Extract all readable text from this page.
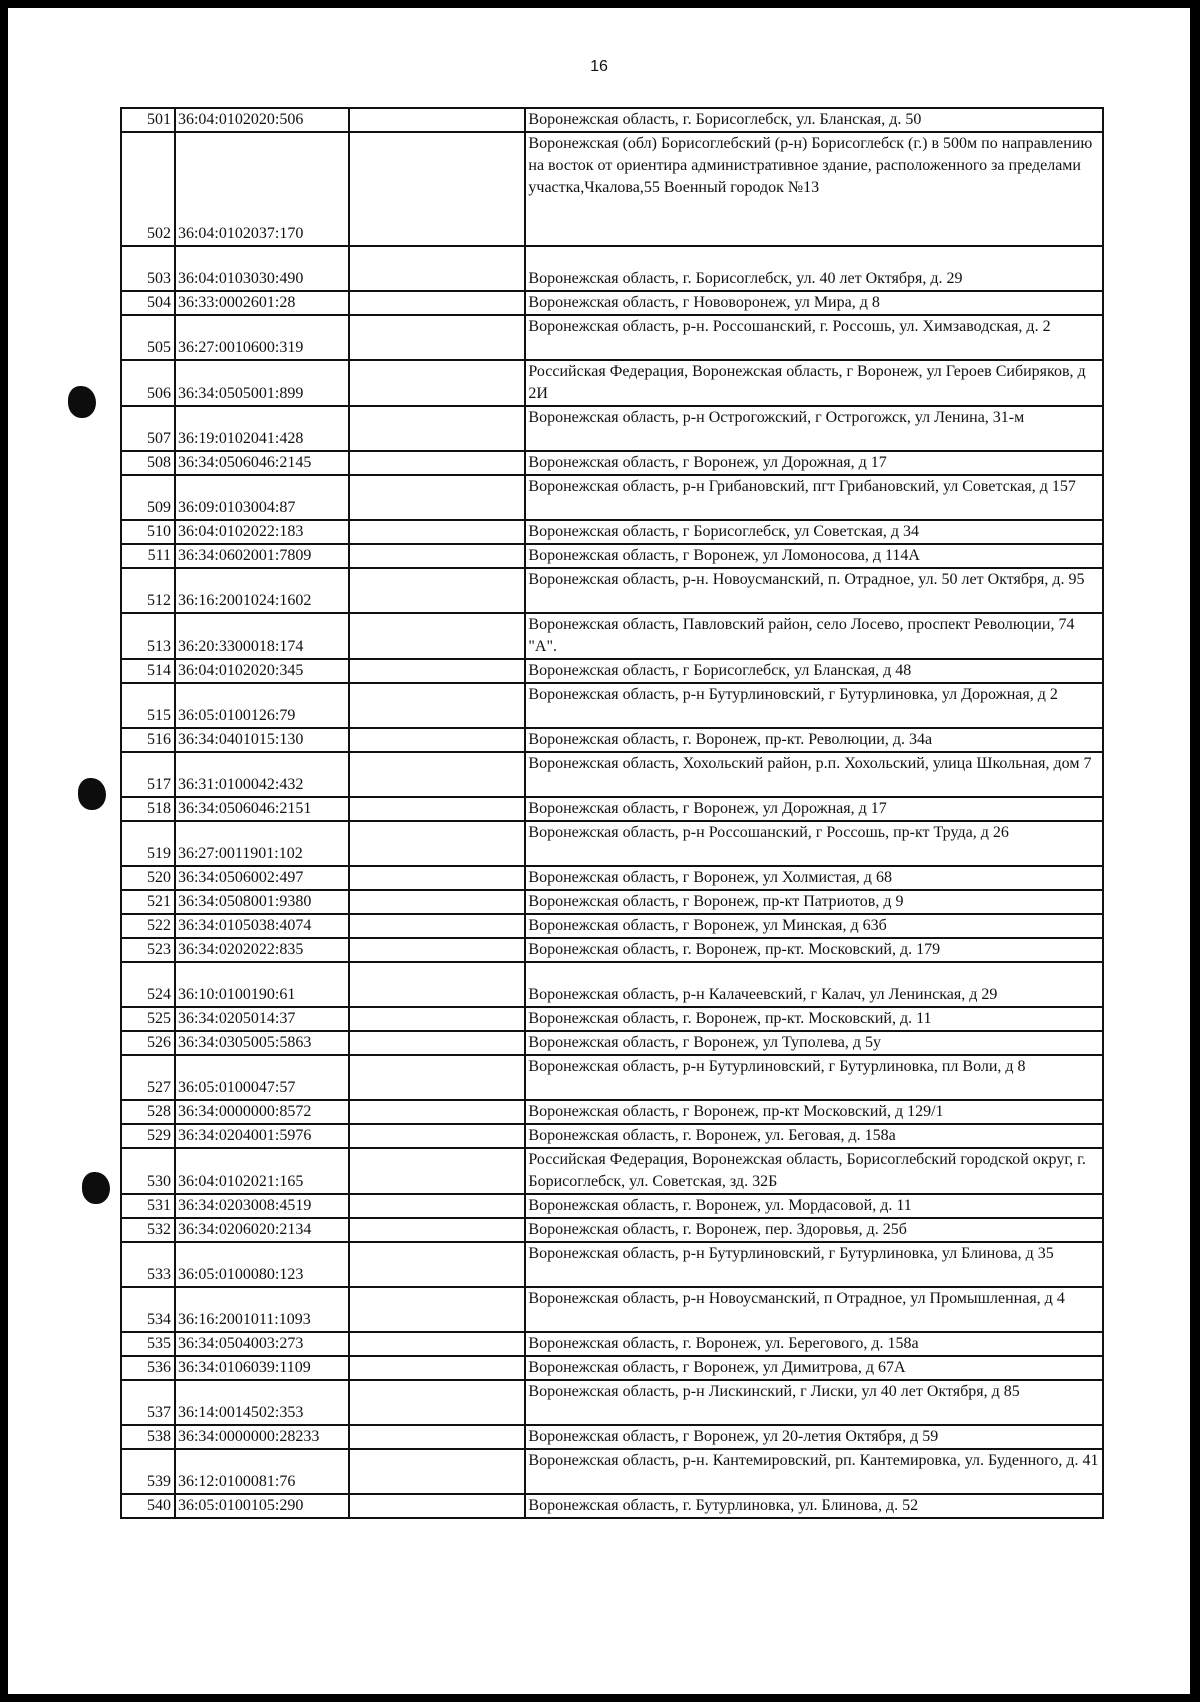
16
501	36:04:0102020:506		Воронежская область, г. Борисоглебск, ул. Бланская, д. 50
502	36:04:0102037:170		Воронежская (обл) Борисоглебский (р-н) Борисоглебск (г.) в 500м по направлению на восток от ориентира административное здание, расположенного за пределами участка,Чкалова,55 Военный городок №13
503	36:04:0103030:490		Воронежская область, г. Борисоглебск, ул. 40 лет Октября, д. 29
504	36:33:0002601:28		Воронежская область, г Нововоронеж, ул Мира, д 8
505	36:27:0010600:319		Воронежская область, р-н. Россошанский, г. Россошь, ул. Химзаводская, д. 2
506	36:34:0505001:899		Российская Федерация, Воронежская область, г Воронеж, ул Героев Сибиряков, д 2И
507	36:19:0102041:428		Воронежская область, р-н Острогожский, г Острогожск, ул Ленина, 31-м
508	36:34:0506046:2145		Воронежская область, г Воронеж, ул Дорожная, д 17
509	36:09:0103004:87		Воронежская область, р-н Грибановский, пгт Грибановский, ул Советская, д 157
510	36:04:0102022:183		Воронежская область, г Борисоглебск, ул Советская, д 34
511	36:34:0602001:7809		Воронежская область, г Воронеж, ул Ломоносова, д 114А
512	36:16:2001024:1602		Воронежская область, р-н. Новоусманский, п. Отрадное, ул. 50 лет Октября, д. 95
513	36:20:3300018:174		Воронежская область, Павловский район, село Лосево, проспект Революции, 74 "А".
514	36:04:0102020:345		Воронежская область, г Борисоглебск, ул Бланская, д 48
515	36:05:0100126:79		Воронежская область, р-н Бутурлиновский, г Бутурлиновка, ул Дорожная, д 2
516	36:34:0401015:130		Воронежская область, г. Воронеж, пр-кт. Революции, д. 34а
517	36:31:0100042:432		Воронежская область, Хохольский район, р.п. Хохольский, улица Школьная, дом 7
518	36:34:0506046:2151		Воронежская область, г Воронеж, ул Дорожная, д 17
519	36:27:0011901:102		Воронежская область, р-н Россошанский, г Россошь, пр-кт Труда, д 26
520	36:34:0506002:497		Воронежская область, г Воронеж, ул Холмистая, д 68
521	36:34:0508001:9380		Воронежская область, г Воронеж, пр-кт Патриотов, д 9
522	36:34:0105038:4074		Воронежская область, г Воронеж, ул Минская, д 63б
523	36:34:0202022:835		Воронежская область, г. Воронеж, пр-кт. Московский, д. 179
524	36:10:0100190:61		Воронежская область, р-н Калачеевский, г Калач, ул Ленинская, д 29
525	36:34:0205014:37		Воронежская область, г. Воронеж, пр-кт. Московский, д. 11
526	36:34:0305005:5863		Воронежская область, г Воронеж, ул Туполева, д 5у
527	36:05:0100047:57		Воронежская область, р-н Бутурлиновский, г Бутурлиновка, пл Воли, д 8
528	36:34:0000000:8572		Воронежская область, г Воронеж, пр-кт Московский, д 129/1
529	36:34:0204001:5976		Воронежская область, г. Воронеж, ул. Беговая, д. 158а
530	36:04:0102021:165		Российская Федерация, Воронежская область, Борисоглебский городской округ, г. Борисоглебск, ул. Советская, зд. 32Б
531	36:34:0203008:4519		Воронежская область, г. Воронеж, ул. Мордасовой, д. 11
532	36:34:0206020:2134		Воронежская область, г. Воронеж, пер. Здоровья, д. 25б
533	36:05:0100080:123		Воронежская область, р-н Бутурлиновский, г Бутурлиновка, ул Блинова, д 35
534	36:16:2001011:1093		Воронежская область, р-н Новоусманский, п Отрадное, ул Промышленная, д 4
535	36:34:0504003:273		Воронежская область, г. Воронеж, ул. Берегового, д. 158а
536	36:34:0106039:1109		Воронежская область, г Воронеж, ул Димитрова, д 67А
537	36:14:0014502:353		Воронежская область, р-н Лискинский, г Лиски, ул 40 лет Октября, д 85
538	36:34:0000000:28233		Воронежская область, г Воронеж, ул 20-летия Октября, д 59
539	36:12:0100081:76		Воронежская область, р-н. Кантемировский, рп. Кантемировка, ул. Буденного, д. 41
540	36:05:0100105:290		Воронежская область, г. Бутурлиновка, ул. Блинова, д. 52
